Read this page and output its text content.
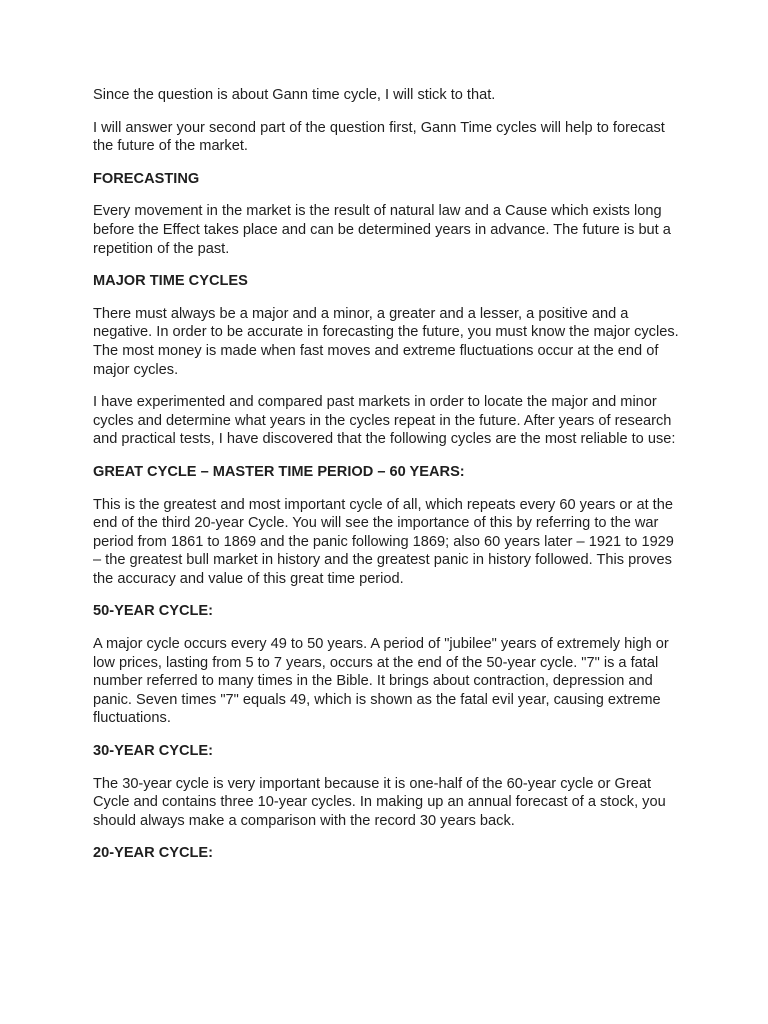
Since the question is about Gann time cycle, I will stick to that.

I will answer your second part of the question first, Gann Time cycles will help to forecast the future of the market.

FORECASTING

Every movement in the market is the result of natural law and a Cause which exists long before the Effect takes place and can be determined years in advance. The future is but a repetition of the past.

MAJOR TIME CYCLES

There must always be a major and a minor, a greater and a lesser, a positive and a negative. In order to be accurate in forecasting the future, you must know the major cycles. The most money is made when fast moves and extreme fluctuations occur at the end of major cycles.

I have experimented and compared past markets in order to locate the major and minor cycles and determine what years in the cycles repeat in the future. After years of research and practical tests, I have discovered that the following cycles are the most reliable to use:

GREAT CYCLE – MASTER TIME PERIOD – 60 YEARS:

This is the greatest and most important cycle of all, which repeats every 60 years or at the end of the third 20-year Cycle. You will see the importance of this by referring to the war period from 1861 to 1869 and the panic following 1869; also 60 years later – 1921 to 1929 – the greatest bull market in history and the greatest panic in history followed. This proves the accuracy and value of this great time period.

50-YEAR CYCLE:

A major cycle occurs every 49 to 50 years. A period of "jubilee" years of extremely high or low prices, lasting from 5 to 7 years, occurs at the end of the 50-year cycle. "7" is a fatal number referred to many times in the Bible. It brings about contraction, depression and panic. Seven times "7" equals 49, which is shown as the fatal evil year, causing extreme fluctuations.

30-YEAR CYCLE:

The 30-year cycle is very important because it is one-half of the 60-year cycle or Great Cycle and contains three 10-year cycles. In making up an annual forecast of a stock, you should always make a comparison with the record 30 years back.

20-YEAR CYCLE:
